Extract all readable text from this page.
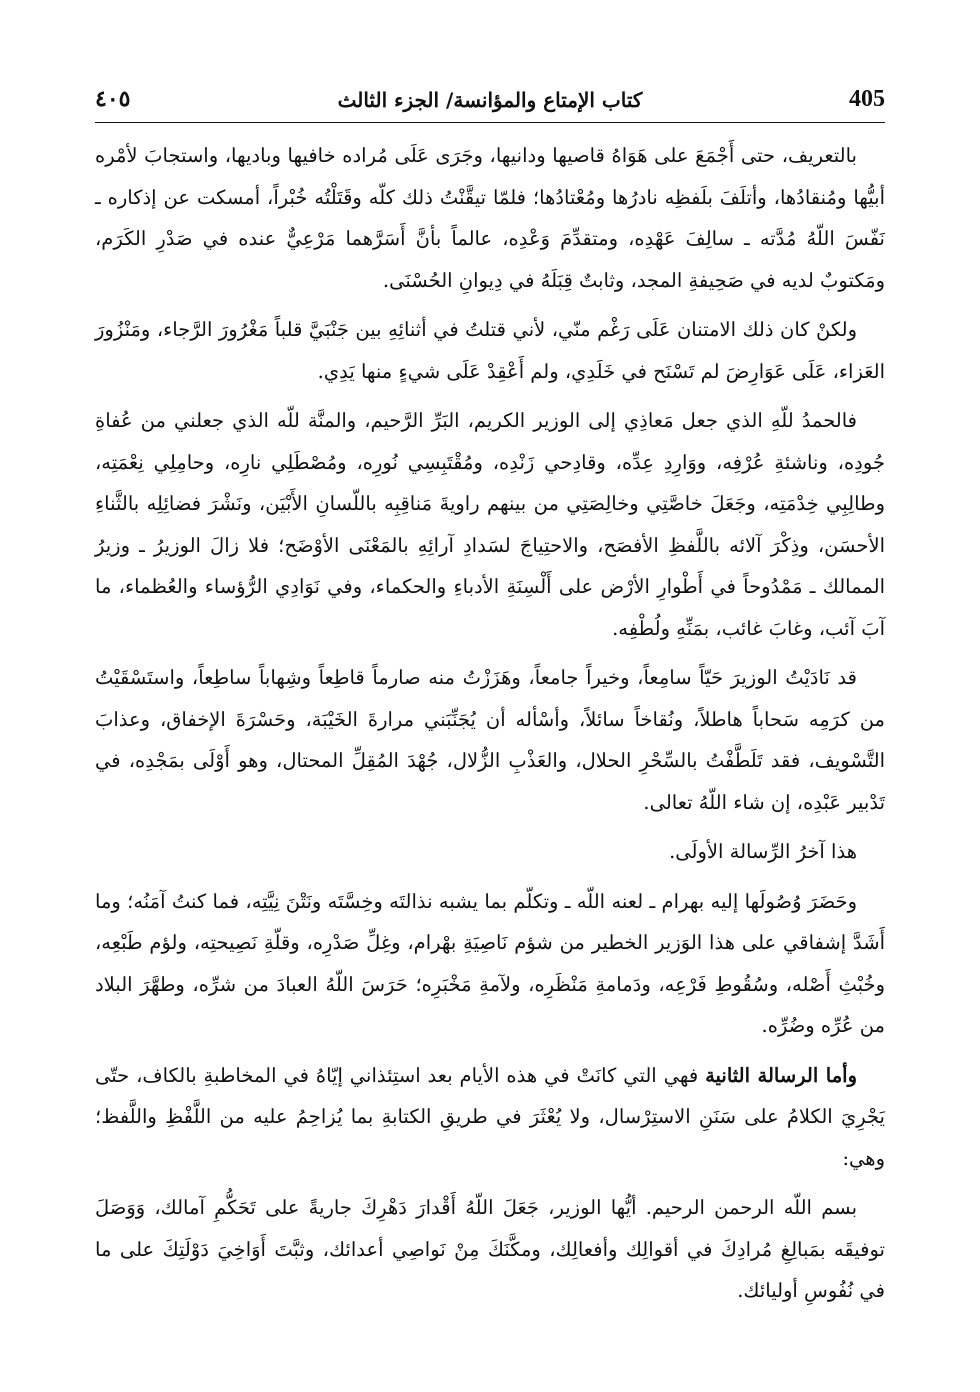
405
كتاب الإمتاع والمؤانسة/ الجزء الثالث
٤٠٥

بالتعريف، حتى أَجْمَعَ على هَوَاهُ قاصيها ودانيها، وجَرَى عَلَى مُراده خافيها وباديها، واستجابَ لأمْره أبيُّها ومُنقادُها، وأتلَفَ بلَفظِه نادرُها ومُعْتادُها؛ فلمّا تيقَّنْتُ ذلك كلّه وقَتَلْتُه خُبْراً، أمسكت عن إذكاره ـ نَفّسَ اللّهُ مُدَّته ـ سالِفَ عَهْدِه، ومتقدِّمَ وَعْدِه، عالماً بأنَّ أَسَرَّهما مَرْعِيٌّ عنده في صَدْرِ الكَرَم، ومَكتوبٌ لديه في صَحِيفةِ المجد، وثابتٌ قِبَلَهُ في دِيوانِ الحُسْنَى.

ولكنْ كان ذلك الامتنان عَلَى رَغْم منّي، لأني قتلتُ في أثنائِهِ بين جَنْبَيَّ قلباً مَغْرُورَ الرَّجاء، ومَنْزُورَ العَزاء، عَلَى عَوَارِضَ لم تَسْنَح في خَلَدِي، ولم أَعْقِدْ عَلَى شيءٍ منها يَدِي.

فالحمدُ للّهِ الذي جعل مَعاذِي إلى الوزير الكريم، البَرِّ الرَّحيم، والمنَّة للّه الذي جعلني من عُفاةِ جُودِه، وناشئةِ عُرْفِه، ووَارِدِ عِدِّه، وقادِحي زَنْدِه، ومُقْتَبِسِي نُورِه، ومُصْطَلِي نارِه، وحامِلِي نِعْمَتِه، وطالِبِي خِدْمَتِه، وجَعَلَ خاصَّتِي وخالِصَتِي من بينهم راويةَ مَناقِبِه باللّسانِ الأَبْيَن، ونَشْرَ فضائِلِه بالثَّناءِ الأحسَن، وذِكْرَ آلائه باللَّفظِ الأفصَح، والاحتِياجَ لسَدادِ آرائِهِ بالمَعْنَى الأوْضَح؛ فلا زالَ الوزيرُ ـ وزيرُ الممالك ـ مَمْدُوحاً في أَطْوارِ الأرْض على أَلْسِنَةِ الأدباءِ والحكماء، وفي نَوَادِي الرُّؤساء والعُظماء، ما آبَ آئب، وغابَ غائب، بمَنِّهِ ولُطْفِه.

قد نَادَيْتُ الوزيرَ حَيّاً سامِعاً، وخيراً جامعاً، وهَزَزْتُ منه صارماً قاطِعاً وشِهاباً ساطِعاً، واستَسْقَيْتُ من كرَمِه سَحاباً هاطلاً، ونُقاخاً سائلاً، وأسْأله أن يُجَنِّبَني مرارةَ الخَيْبَة، وحَسْرَةَ الإخفاق، وعذابَ التَّسْويف، فقد تَلَطَّفْتُ بالسِّحْرِ الحلال، والعَذْبِ الزُّلال، جُهْدَ المُقِلِّ المحتال، وهو أَوْلَى بمَجْدِه، في تَدْبير عَبْدِه، إن شاء اللّهُ تعالى.

هذا آخرُ الرِّسالة الأولَى.

وحَضَرَ وُصُولَها إليه بهرام ـ لعنه اللّه ـ وتكلّم بما يشبه نذالتَه وخِسَّتَه ونَتْنَ نِيَّتِه، فما كنتُ آمَنُه؛ وما أَشَدَّ إشفاقي على هذا الوَزير الخطير من شؤم نَاصِيَةِ بهْرام، وغِلِّ صَدْرِه، وقلّةِ نَصِيحتِه، ولؤم طَبْعِه، وخُبْثِ أَصْله، وسُقُوطِ فَرْعِه، ودَمامةِ مَنْظَرِه، ولآمةِ مَخْبَرِه؛ حَرَسَ اللّهُ العبادَ من شرِّه، وطهَّرَ البلاد من عُرِّه وضُرِّه.

وأما الرسالة الثانية فهي التي كانَتْ في هذه الأيام بعد استِئذاني إيّاهُ في المخاطبةِ بالكاف، حتّى يَجْرِيَ الكلامُ على سَنَنِ الاستِرْسال، ولا يُعْثَرَ في طريقِ الكتابةِ بما يُزاحِمُ عليه من اللَّفْظِ واللَّفظ؛ وهي:

بسم اللّه الرحمن الرحيم. أيُّها الوزير، جَعَلَ اللّهُ أَقْدارَ دَهْرِكَ جاريةً على تَحَكُّمِ آمالك، وَوَصَلَ توفيقَه بمَبالِغِ مُرادِكَ في أقوالِك وأفعالِك، ومكَّنَكَ مِنْ نَواصِي أعدائك، وثبَّتَ أَوَاخِيَ دَوْلَتِكَ على ما في نُفُوسِ أوليائك.
